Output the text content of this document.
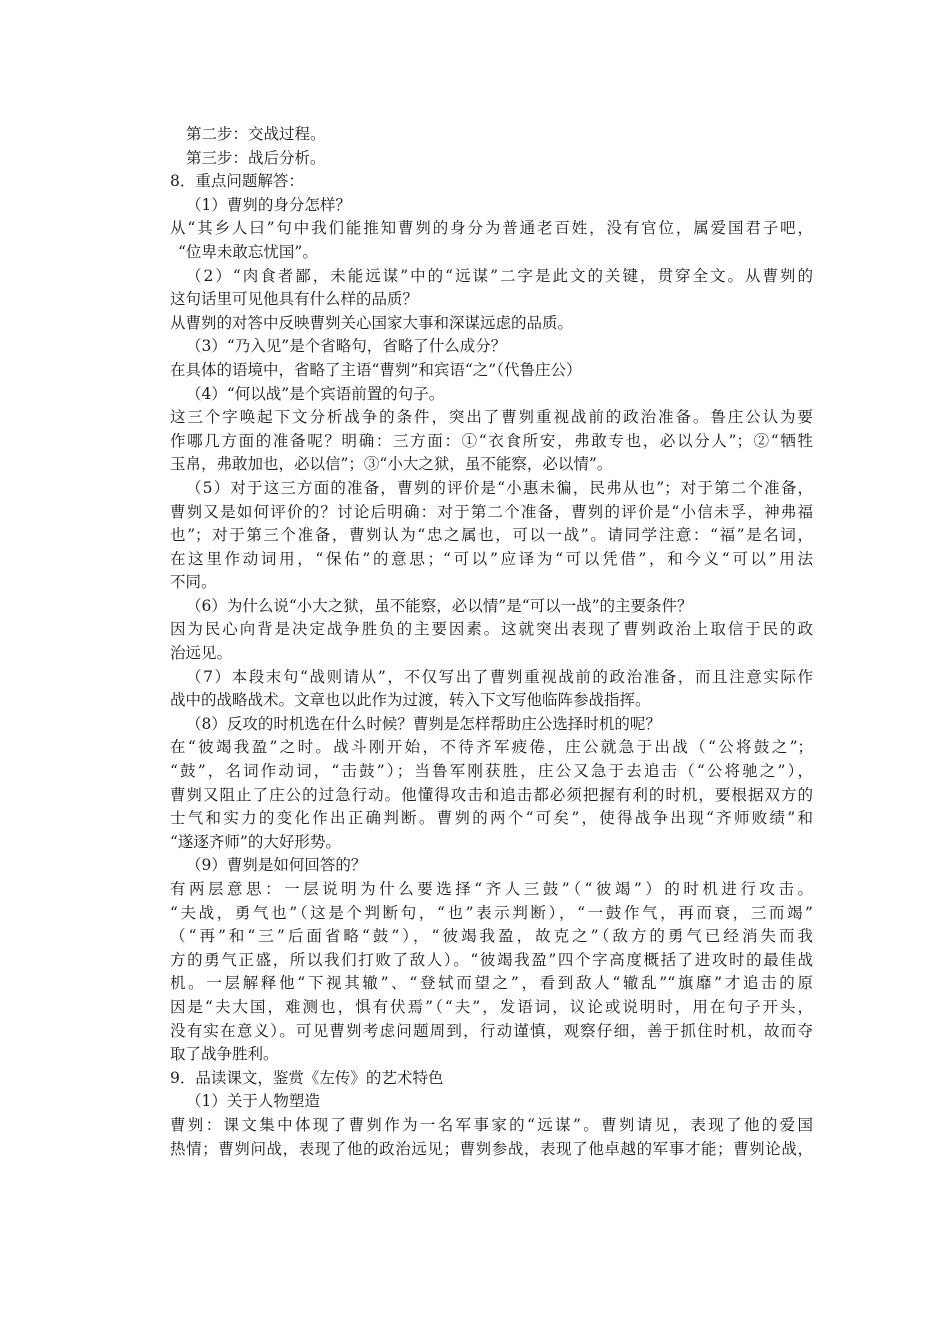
第二步：交战过程。
第三步：战后分析。
8．重点问题解答：
（1）曹刿的身分怎样？
从“其乡人曰”句中我们能推知曹刿的身分为普通老百姓，没有官位，属爱国君子吧，
“位卑未敢忘忧国”。
（2）“肉食者鄙，未能远谋”中的“远谋”二字是此文的关键，贯穿全文。从曹刿的
这句话里可见他具有什么样的品质？
从曹刿的对答中反映曹刿关心国家大事和深谋远虑的品质。
（3）“乃入见”是个省略句，省略了什么成分？
在具体的语境中，省略了主语“曹刿”和宾语“之”（代鲁庄公）
（4）“何以战”是个宾语前置的句子。
这三个字唤起下文分析战争的条件，突出了曹刿重视战前的政治准备。鲁庄公认为要
作哪几方面的准备呢？明确：三方面：①“衣食所安，弗敢专也，必以分人”；②“牺牲
玉帛，弗敢加也，必以信”；③“小大之狱，虽不能察，必以情”。
（5）对于这三方面的准备，曹刿的评价是“小惠未徧，民弗从也”；对于第二个准备，
曹刿又是如何评价的？讨论后明确：对于第二个准备，曹刿的评价是“小信未孚，神弗福
也”；对于第三个准备，曹刿认为“忠之属也，可以一战”。请同学注意：“福”是名词，
在这里作动词用，“保佑”的意思；“可以”应译为“可以凭借”，和今义“可以”用法
不同。
（6）为什么说“小大之狱，虽不能察，必以情”是“可以一战”的主要条件？
因为民心向背是决定战争胜负的主要因素。这就突出表现了曹刿政治上取信于民的政
治远见。
（7）本段末句“战则请从”，不仅写出了曹刿重视战前的政治准备，而且注意实际作
战中的战略战术。文章也以此作为过渡，转入下文写他临阵参战指挥。
（8）反攻的时机选在什么时候？曹刿是怎样帮助庄公选择时机的呢？
在“彼竭我盈”之时。战斗刚开始，不待齐军疲倦，庄公就急于出战（“公将鼓之”；
“鼓”，名词作动词，“击鼓”）；当鲁军刚获胜，庄公又急于去追击（“公将驰之”），
曹刿又阻止了庄公的过急行动。他懂得攻击和追击都必须把握有利的时机，要根据双方的
士气和实力的变化作出正确判断。曹刿的两个“可矣”，使得战争出现“齐师败绩”和
“遂逐齐师”的大好形势。
（9）曹刿是如何回答的？
有两层意思：一层说明为什么要选择“齐人三鼓”（“彼竭”）的时机进行攻击。
“夫战，勇气也”（这是个判断句，“也”表示判断），“一鼓作气，再而衰，三而竭”
（“再”和“三”后面省略“鼓”），“彼竭我盈，故克之”（敌方的勇气已经消失而我
方的勇气正盛，所以我们打败了敌人）。“彼竭我盈”四个字高度概括了进攻时的最佳战
机。一层解释他“下视其辙”、“登轼而望之”，看到敌人“辙乱”“旗靡”才追击的原
因是“夫大国，难测也，惧有伏焉”（“夫”，发语词，议论或说明时，用在句子开头，
没有实在意义）。可见曹刿考虑问题周到，行动谨慎，观察仔细，善于抓住时机，故而夺
取了战争胜利。
9．品读课文，鉴赏《左传》的艺术特色
（1）关于人物塑造
曹刿：课文集中体现了曹刿作为一名军事家的“远谋”。曹刿请见，表现了他的爱国
热情；曹刿问战，表现了他的政治远见；曹刿参战，表现了他卓越的军事才能；曹刿论战，
